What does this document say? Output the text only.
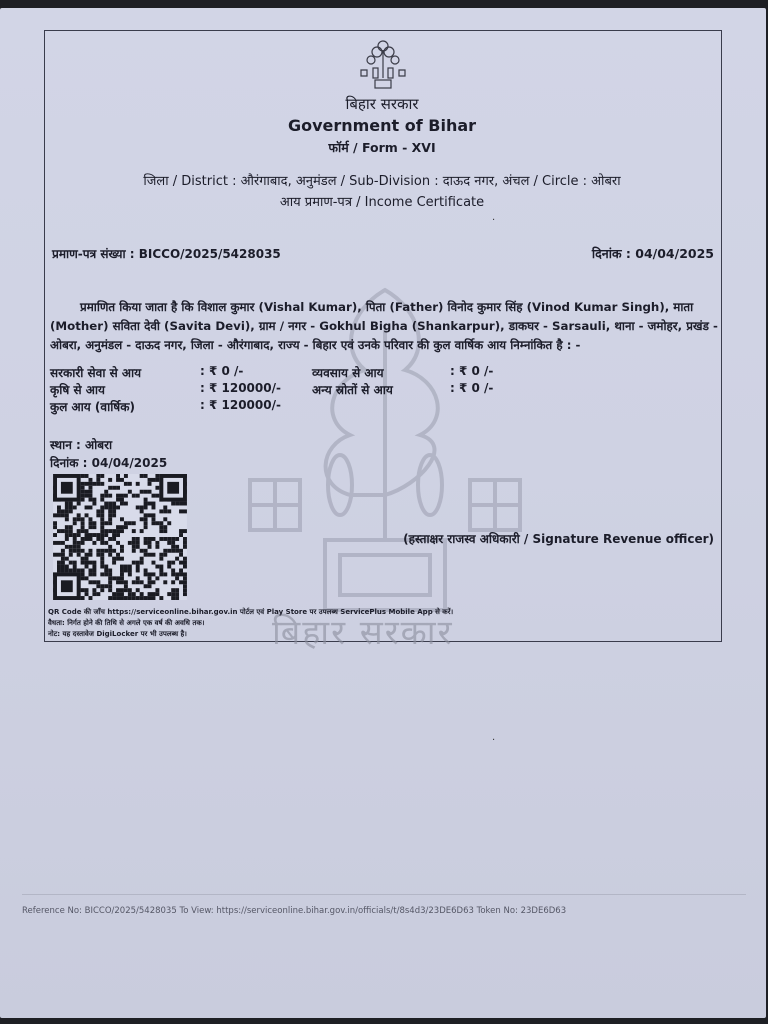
बिहार सरकार
बिहार सरकार
Government of Bihar
फॉर्म / Form - XVI
जिला / District : औरंगाबाद, अनुमंडल / Sub-Division : दाऊद नगर, अंचल / Circle : ओबरा
आय प्रमाण-पत्र / Income Certificate
प्रमाण-पत्र संख्या : BICCO/2025/5428035	दिनांक : 04/04/2025
प्रमाणित किया जाता है कि विशाल कुमार (Vishal Kumar), पिता (Father) विनोद कुमार सिंह (Vinod Kumar Singh), माता (Mother) सविता देवी (Savita Devi), ग्राम / नगर - Gokhul Bigha (Shankarpur), डाकघर - Sarsauli, थाना - जमोहर, प्रखंड - ओबरा, अनुमंडल - दाऊद नगर, जिला - औरंगाबाद, राज्य - बिहार एवं उनके परिवार की कुल वार्षिक आय निम्नांकित है : -
सरकारी सेवा से आय	: ₹ 0 /-	व्यवसाय से आय	: ₹ 0 /-
कृषि से आय	: ₹ 120000/-	अन्य स्रोतों से आय	: ₹ 0 /-
कुल आय (वार्षिक)	: ₹ 120000/-
स्थान : ओबरा
दिनांक : 04/04/2025
(हस्ताक्षर राजस्व अधिकारी / Signature Revenue officer)
QR Code की जाँच https://serviceonline.bihar.gov.in पोर्टल एवं Play Store पर उपलब्ध ServicePlus Mobile App से करें।
वैधता: निर्गत होने की तिथि से अगले एक वर्ष की अवधि तक।
नोट: यह दस्तावेज DigiLocker पर भी उपलब्ध है।
·
·
Reference No: BICCO/2025/5428035 To View: https://serviceonline.bihar.gov.in/officials/t/8s4d3/23DE6D63 Token No: 23DE6D63
